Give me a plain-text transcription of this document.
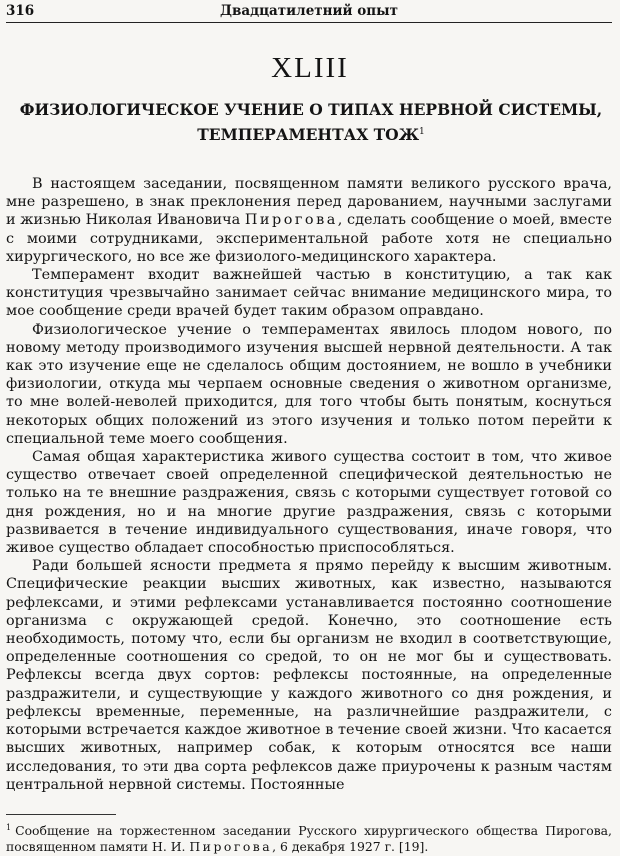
316	Двадцатилетний опыт
XLIII
ФИЗИОЛОГИЧЕСКОЕ УЧЕНИЕ О ТИПАХ НЕРВНОЙ СИСТЕМЫ,
ТЕМПЕРАМЕНТАХ ТОЖ$^1$

В настоящем заседании, посвященном памяти великого русского врача, мне разрешено, в знак преклонения перед дарованием, научными заслугами и жизнью Николая Ивановича Пирогова, сделать сообщение о моей, вместе с моими сотрудниками, экспериментальной работе хотя не специально хирургического, но все же физиолого-медицинского характера.

Темперамент входит важнейшей частью в конституцию, а так как конституция чрезвычайно занимает сейчас внимание медицинского мира, то мое сообщение среди врачей будет таким образом оправдано.

Физиологическое учение о темпераментах явилось плодом нового, по новому методу производимого изучения высшей нервной деятельности. А так как это изучение еще не сделалось общим достоянием, не вошло в учебники физиологии, откуда мы черпаем основные сведения о животном организме, то мне волей-неволей приходится, для того чтобы быть понятым, коснуться некоторых общих положений из этого изучения и только потом перейти к специальной теме моего сообщения.

Самая общая характеристика живого существа состоит в том, что живое существо отвечает своей определенной специфической деятельностью не только на те внешние раздражения, связь с которыми существует готовой со дня рождения, но и на многие другие раздражения, связь с которыми развивается в течение индивидуального существования, иначе говоря, что живое существо обладает способностью приспособляться.

Ради большей ясности предмета я прямо перейду к высшим животным. Специфические реакции высших животных, как известно, называются рефлексами, и этими рефлексами устанавливается постоянно соотношение организма с окружающей средой. Конечно, это соотношение есть необходимость, потому что, если бы организм не входил в соответствующие, определенные соотношения со средой, то он не мог бы и существовать. Рефлексы всегда двух сортов: рефлексы постоянные, на определенные раздражители, и существующие у каждого животного со дня рождения, и рефлексы временные, переменные, на различнейшие раздражители, с которыми встречается каждое животное в течение своей жизни. Что касается высших животных, например собак, к которым относятся все наши исследования, то эти два сорта рефлексов даже приурочены к разным частям центральной нервной системы. Постоянные

$^1$ Сообщение на торжестенном заседании Русского хирургического общества Пирогова, посвященном памяти Н. И. Пирогова, 6 декабря 1927 г. [19].
